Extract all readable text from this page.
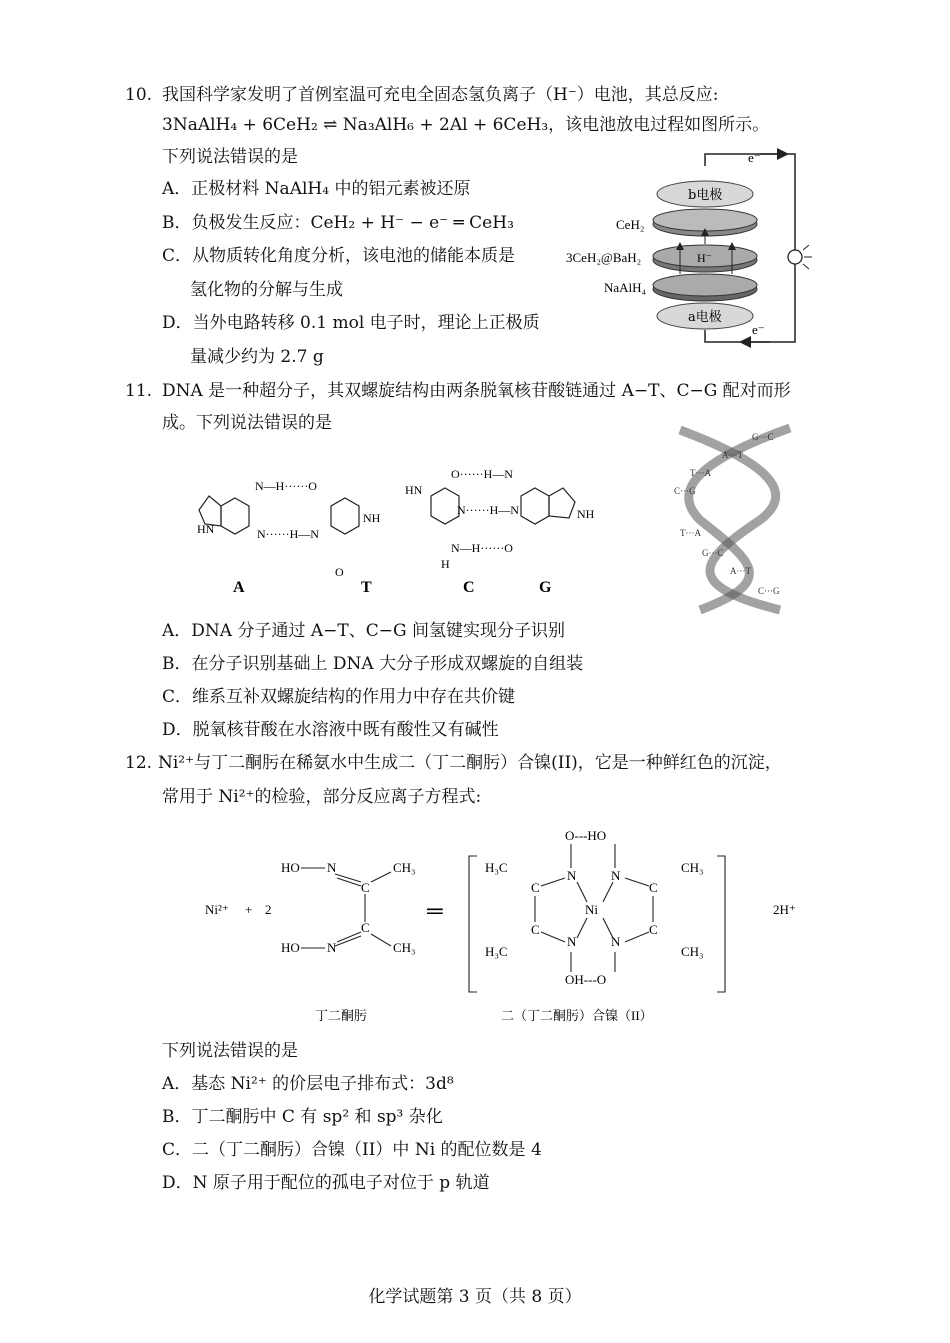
10. 我国科学家发明了首例室温可充电全固态氢负离子（H⁻）电池，其总反应:
3NaAlH₄ + 6CeH₂ ⇌ Na₃AlH₆ + 2Al + 6CeH₃，该电池放电过程如图所示。
下列说法错误的是
A．正极材料 NaAlH₄ 中的铝元素被还原
B．负极发生反应：CeH₂ + H⁻ − e⁻ ═ CeH₃
C．从物质转化角度分析，该电池的储能本质是
氢化物的分解与生成
D．当外电路转移 0.1 mol 电子时，理论上正极质
量减少约为 2.7 g
e⁻
e⁻
b电极
H⁻
a电极
CeH₂
3CeH₂@BaH₂
NaAlH₄
11. DNA 是一种超分子，其双螺旋结构由两条脱氧核苷酸链通过 A−T、C−G 配对而形
成。下列说法错误的是
N—H······O
N······H—N
HN
NH
O
HN
O······H—N
N······H—N
N—H······O
H
NH
A	T	C	G
G···C
A···T
T···A
C···G
T···A
G···C
A···T
C···G
A．DNA 分子通过 A−T、C−G 间氢键实现分子识别
B．在分子识别基础上 DNA 大分子形成双螺旋的自组装
C．维系互补双螺旋结构的作用力中存在共价键
D．脱氧核苷酸在水溶液中既有酸性又有碱性
12. Ni²⁺与丁二酮肟在稀氨水中生成二（丁二酮肟）合镍(II)，它是一种鲜红色的沉淀，
常用于 Ni²⁺的检验，部分反应离子方程式:
Ni²⁺ + 2
HO N
C
CH₃
C
HO N	CH₃
═
O---HO
H₃C
C
N
Ni
N
C
CH₃
H₃C
C
N	N
C
CH₃
OH---O
2H⁺
丁二酮肟	二（丁二酮肟）合镍（II）
下列说法错误的是
A．基态 Ni²⁺ 的价层电子排布式：3d⁸
B．丁二酮肟中 C 有 sp² 和 sp³ 杂化
C．二（丁二酮肟）合镍（II）中 Ni 的配位数是 4
D．N 原子用于配位的孤电子对位于 p 轨道
化学试题第 3 页（共 8 页）
